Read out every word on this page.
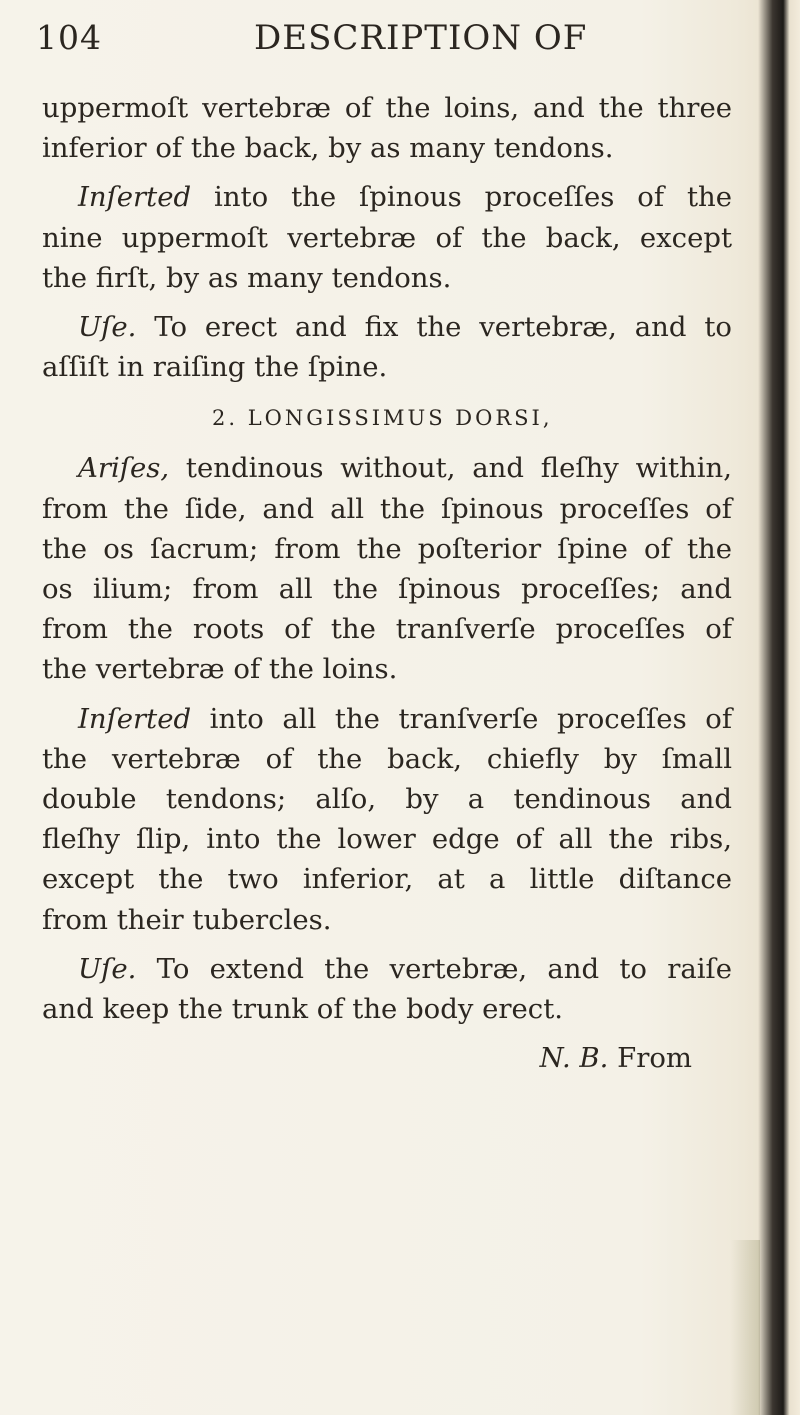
104	DESCRIPTION OF

uppermoſt vertebræ of the loins, and the three
inferior of the back, by as many tendons.

Inſerted into the ſpinous proceſſes of the
nine uppermoſt vertebræ of the back, except
the firſt, by as many tendons.

Uſe. To erect and fix the vertebræ, and to
aſſiſt in raiſing the ſpine.

2. LONGISSIMUS DORSI,

Ariſes, tendinous without, and fleſhy within,
from the ſide, and all the ſpinous proceſſes of
the os ſacrum; from the poſterior ſpine of the
os ilium; from all the ſpinous proceſſes; and
from the roots of the tranſverſe proceſſes of
the vertebræ of the loins.

Inſerted into all the tranſverſe proceſſes of
the vertebræ of the back, chiefly by ſmall
double tendons; alſo, by a tendinous and
fleſhy ſlip, into the lower edge of all the ribs,
except the two inferior, at a little diſtance
from their tubercles.

Uſe. To extend the vertebræ, and to raiſe
and keep the trunk of the body erect.

N. B. From
